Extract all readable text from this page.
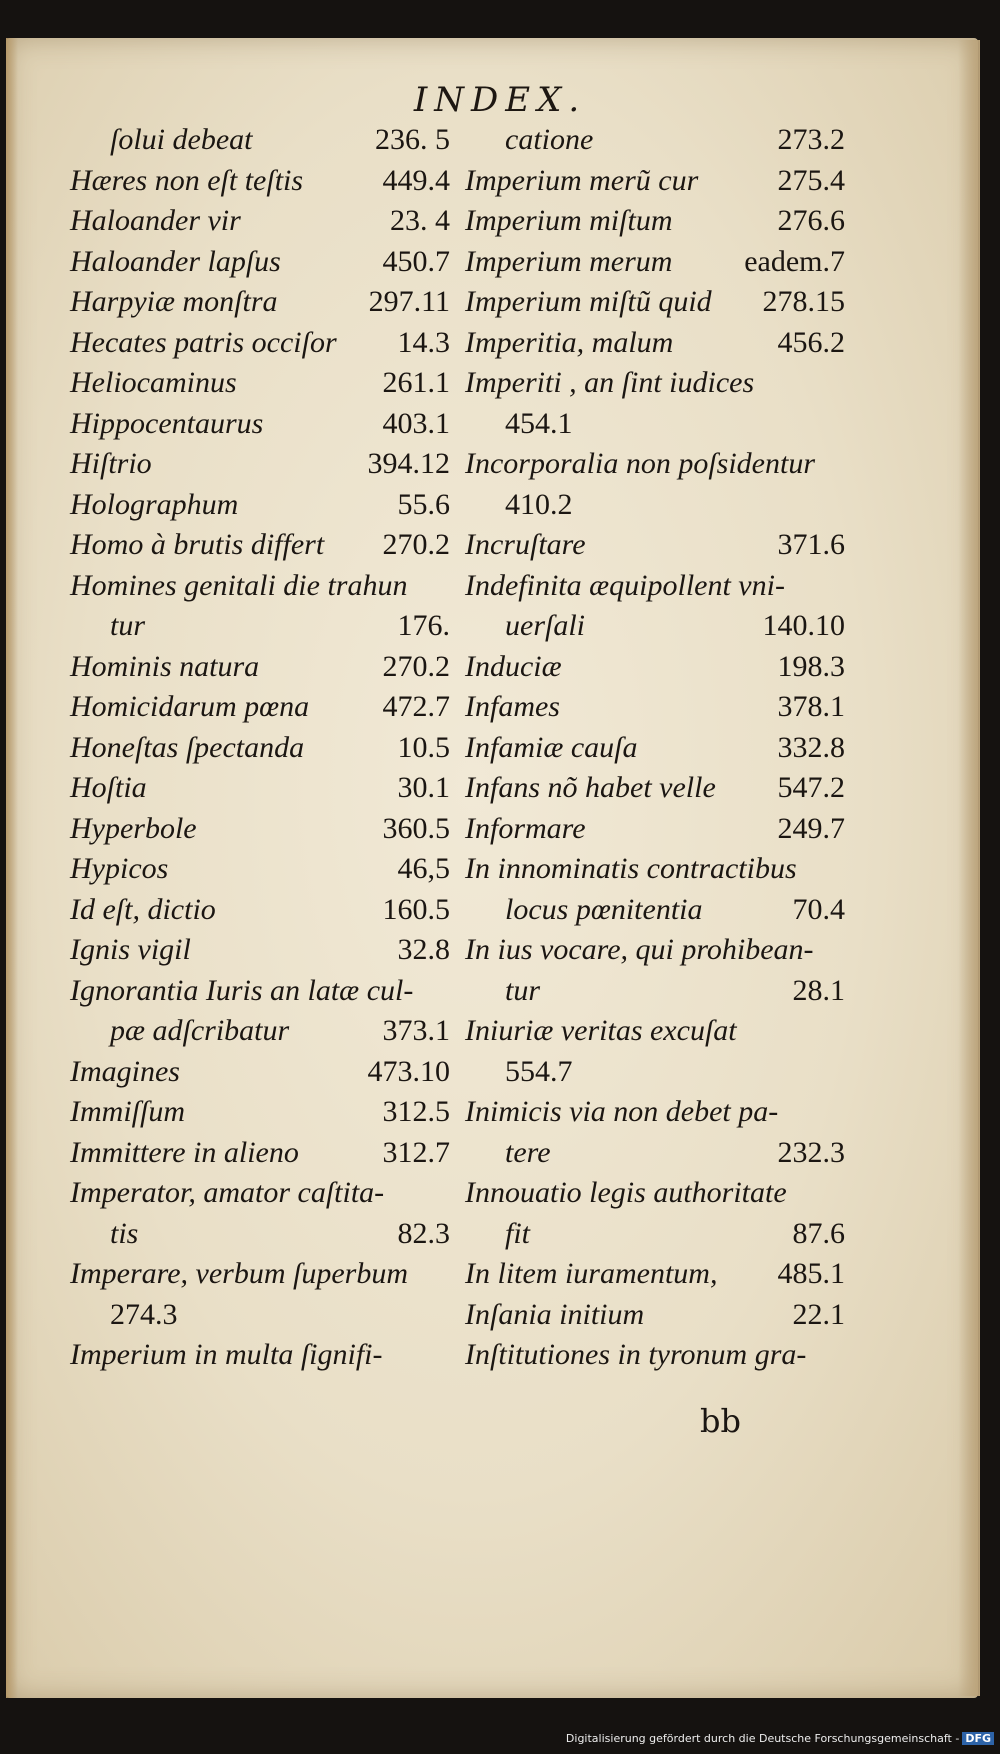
INDEX.
ſolui debeat	236. 5
Hæres non eſt teſtis	449.4
Haloander vir	23. 4
Haloander lapſus	450.7
Harpyiæ monſtra	297.11
Hecates patris occiſor 14.3
Heliocaminus	261.1
Hippocentaurus	403.1
Hiſtrio	394.12
Holographum	55.6
Homo à brutis differt 270.2
Homines genitali die trahun
tur	176.
Hominis natura	270.2
Homicidarum pœna 472.7
Honeſtas ſpectanda	10.5
Hoſtia	30.1
Hyperbole	360.5
Hypicos	46,5
Id eſt, dictio	160.5
Ignis vigil	32.8
Ignorantia Iuris an latæ cul-
pæ adſcribatur	373.1
Imagines	473.10
Immiſſum	312.5
Immittere in alieno	312.7
Imperator, amator caſtita-
tis	82.3
Imperare, verbum ſuperbum
274.3
Imperium in multa ſignifi-
catione	273.2
Imperium merũ cur	275.4
Imperium miſtum	276.6
Imperium merum eadem.7
Imperium miſtũ quid 278.15
Imperitia, malum	456.2
Imperiti , an ſint iudices
454.1
Incorporalia non poſsidentur
410.2
Incruſtare	371.6
Indefinita æquipollent vni-
uerſali	140.10
Induciæ	198.3
Infames	378.1
Infamiæ cauſa	332.8
Infans nõ habet velle 547.2
Informare	249.7
In innominatis contractibus
locus pœnitentia	70.4
In ius vocare, qui prohibean-
tur	28.1
Iniuriæ veritas excuſat
554.7
Inimicis via non debet pa-
tere	232.3
Innouatio legis authoritate
fit	87.6
In litem iuramentum, 485.1
Inſania initium	22.1
Inſtitutiones in tyronum gra-
bb
Digitalisierung gefördert durch die Deutsche Forschungsgemeinschaft - DFG
